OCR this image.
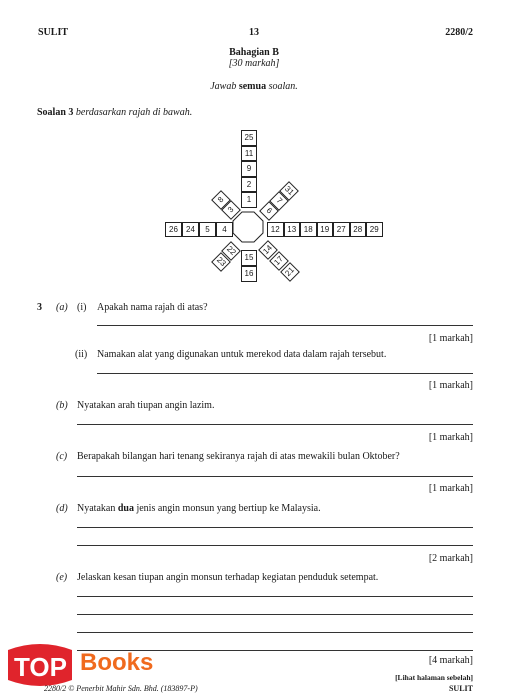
SULIT	13	2280/2
Bahagian B
[30 markah]
Jawab semua soalan.
Soalan 3 berdasarkan rajah di bawah.
25
11
9
2
1
12 13 18 19 27 28 29
26	24	5	4
15
16
6
7
31
3
8
14
17
21
22
23
3 (a) (i) Apakah nama rajah di atas?
[1 markah]
(ii) Namakan alat yang digunakan untuk merekod data dalam rajah tersebut.
[1 markah]
(b) Nyatakan arah tiupan angin lazim.
[1 markah]
(c) Berapakah bilangan hari tenang sekiranya rajah di atas mewakili bulan Oktober?
[1 markah]
(d) Nyatakan dua jenis angin monsun yang bertiup ke Malaysia.
[2 markah]
(e) Jelaskan kesan tiupan angin monsun terhadap kegiatan penduduk setempat.
[4 markah]
TOP Books
2280/2 © Penerbit Mahir Sdn. Bhd. (183897-P)
[Lihat halaman sebelah]
SULIT
